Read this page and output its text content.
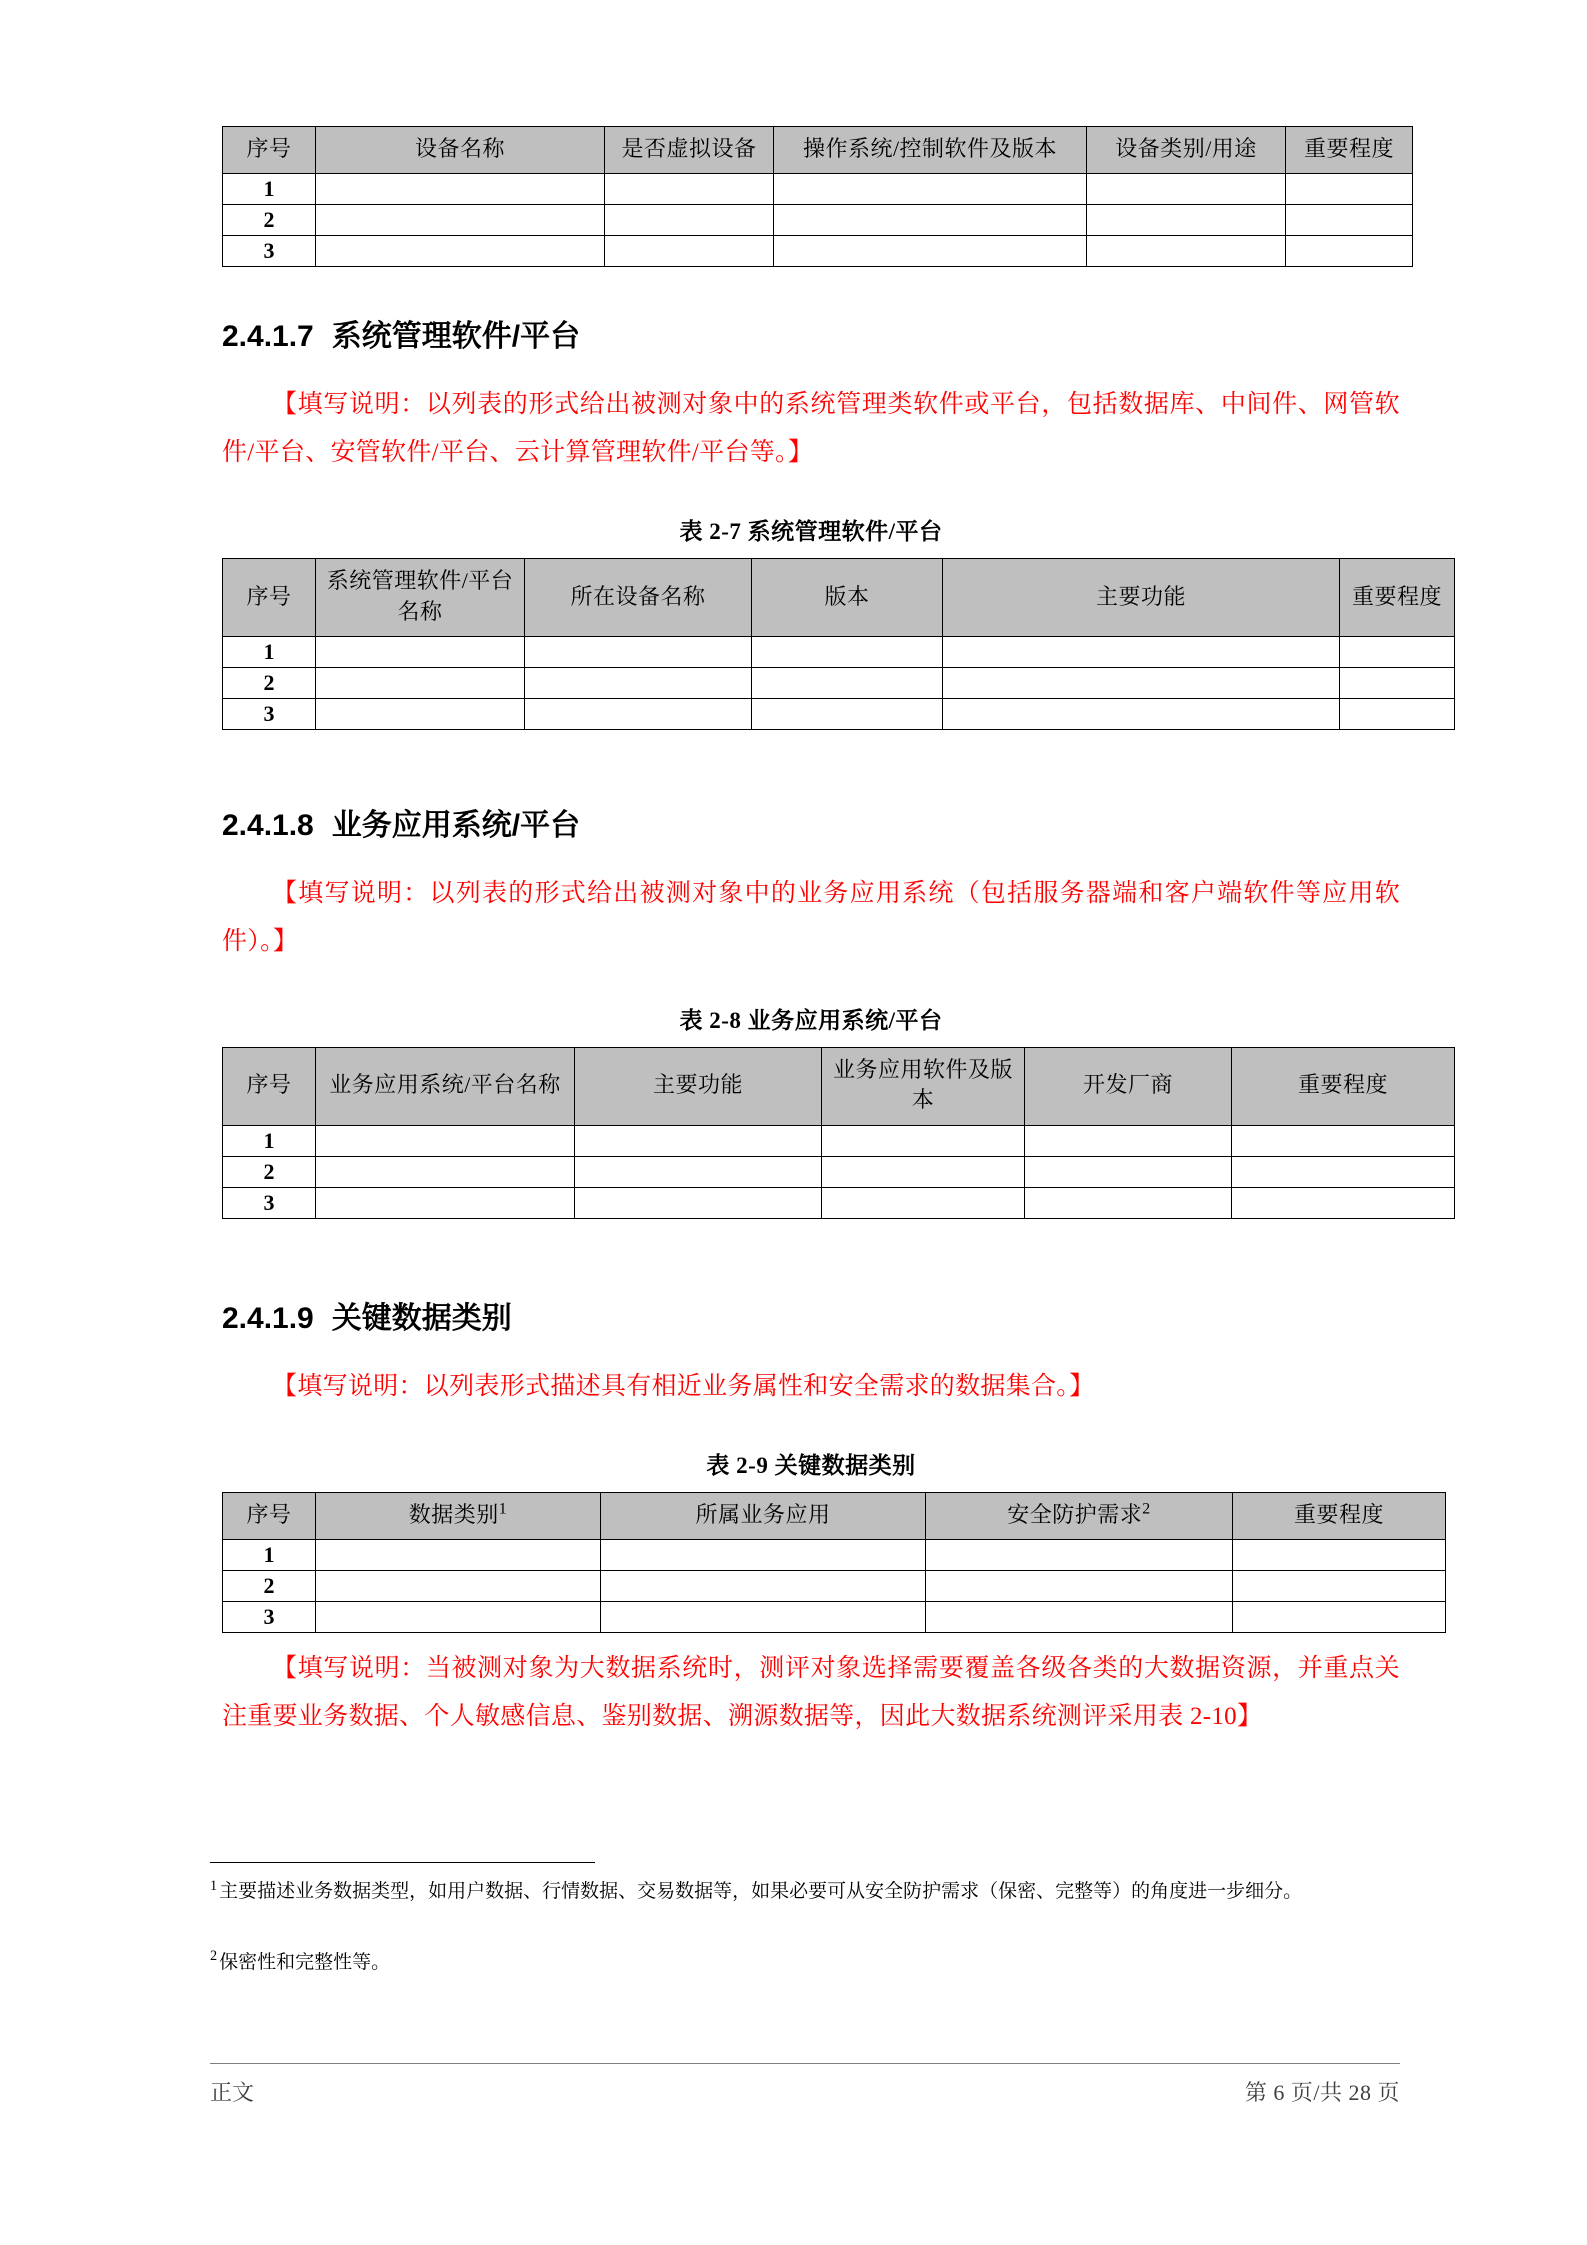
序号	设备名称	是否虚拟设备	操作系统/控制软件及版本	设备类别/用途	重要程度
1					
2					
3					
2.4.1.7 系统管理软件/平台

【填写说明：以列表的形式给出被测对象中的系统管理类软件或平台，包括数据库、中间件、网管软件/平台、安管软件/平台、云计算管理软件/平台等。】

表 2-7 系统管理软件/平台

序号	系统管理软件/平台名称	所在设备名称	版本	主要功能	重要程度
1					
2					
3					
2.4.1.8 业务应用系统/平台

【填写说明：以列表的形式给出被测对象中的业务应用系统（包括服务器端和客户端软件等应用软件）。】

表 2-8 业务应用系统/平台

序号	业务应用系统/平台名称	主要功能	业务应用软件及版本	开发厂商	重要程度
1					
2					
3					
2.4.1.9 关键数据类别

【填写说明：以列表形式描述具有相近业务属性和安全需求的数据集合。】

表 2-9 关键数据类别

序号	数据类别$^1$	所属业务应用	安全防护需求$^2$	重要程度
1				
2				
3				

【填写说明：当被测对象为大数据系统时，测评对象选择需要覆盖各级各类的大数据资源，并重点关注重要业务数据、个人敏感信息、鉴别数据、溯源数据等，因此大数据系统测评采用表 2-10】

$^1$ 主要描述业务数据类型，如用户数据、行情数据、交易数据等，如果必要可从安全防护需求（保密、完整等）的角度进一步细分。

$^2$ 保密性和完整性等。

正文	第 6 页/共 28 页
